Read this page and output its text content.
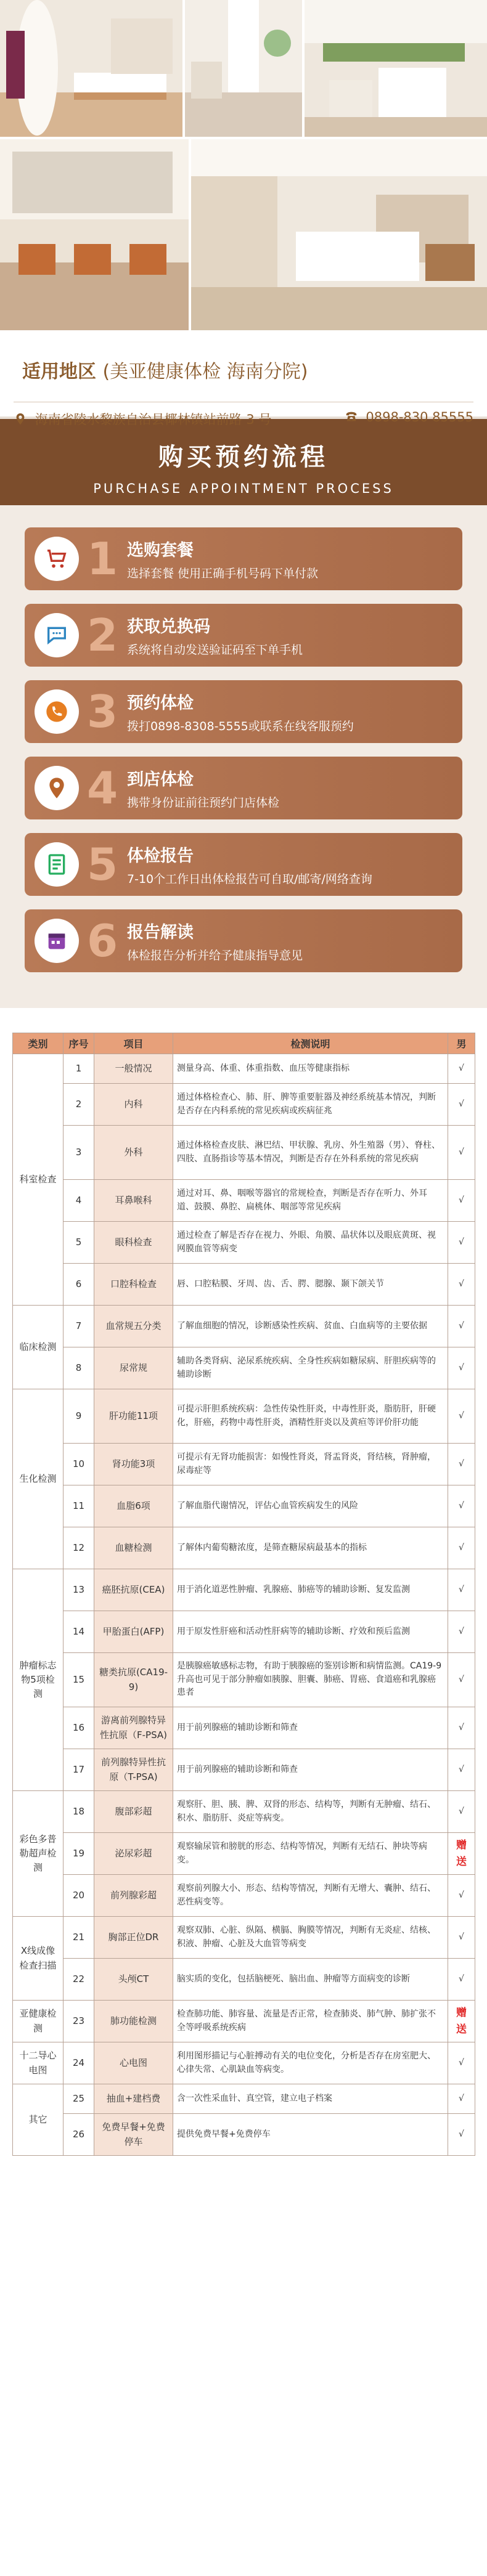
适用地区 (美亚健康体检 海南分院)
海南省陵水黎族自治县椰林镇站前路 3 号	0898-830 85555
购买预约流程
PURCHASE APPOINTMENT PROCESS
1 选购套餐
选择套餐 使用正确手机号码下单付款
2 获取兑换码
系统将自动发送验证码至下单手机
3 预约体检
拨打0898-8308-5555或联系在线客服预约
4 到店体检
携带身份证前往预约门店体检
5 体检报告
7-10个工作日出体检报告可自取/邮寄/网络查询
6 报告解读
体检报告分析并给予健康指导意见
类别	序号	项目	检测说明	男
科室检查	1	一般情况	测量身高、体重、体重指数、血压等健康指标	√
	2	内科	通过体格检查心、肺、肝、脾等重要脏器及神经系统基本情况，判断是否存在内科系统的常见疾病或疾病征兆	√
	3	外科	通过体格检查皮肤、淋巴结、甲状腺、乳房、外生殖器（男）、脊柱、四肢、直肠指诊等基本情况，判断是否存在外科系统的常见疾病	√
	4	耳鼻喉科	通过对耳、鼻、咽喉等器官的常规检查，判断是否存在听力、外耳道、鼓膜、鼻腔、扁桃体、咽部等常见疾病	√
	5	眼科检查	通过检查了解是否存在视力、外眼、角膜、晶状体以及眼底黄斑、视网膜血管等病变	√
	6	口腔科检查	唇、口腔粘膜、牙周、齿、舌、腭、腮腺、颞下颌关节	√
临床检测	7	血常规五分类	了解血细胞的情况，诊断感染性疾病、贫血、白血病等的主要依据	√
	8	尿常规	辅助各类肾病、泌尿系统疾病、全身性疾病如糖尿病、肝胆疾病等的辅助诊断	√
生化检测	9	肝功能11项	可提示肝胆系统疾病：急性传染性肝炎，中毒性肝炎，脂肪肝，肝硬化，肝癌，药物中毒性肝炎，酒精性肝炎以及黄疸等评价肝功能	√
	10	肾功能3项	可提示有无肾功能损害：如慢性肾炎，肾盂肾炎，肾结核，肾肿瘤，尿毒症等	√
	11	血脂6项	了解血脂代谢情况，评估心血管疾病发生的风险	√
	12	血糖检测	了解体内葡萄糖浓度，是筛查糖尿病最基本的指标	√
肿瘤标志物5项检测	13	癌胚抗原(CEA)	用于消化道恶性肿瘤、乳腺癌、肺癌等的辅助诊断、复发监测	√
	14	甲胎蛋白(AFP)	用于原发性肝癌和活动性肝病等的辅助诊断、疗效和预后监测	√
	15	糖类抗原(CA19-9)	是胰腺癌敏感标志物，有助于胰腺癌的鉴别诊断和病情监测。CA19-9升高也可见于部分肿瘤如胰腺、胆囊、肺癌、胃癌、食道癌和乳腺癌患者	√
	16	游离前列腺特异性抗原（F-PSA)	用于前列腺癌的辅助诊断和筛查	√
	17	前列腺特异性抗原（T-PSA)	用于前列腺癌的辅助诊断和筛查	√
彩色多普勒超声检测	18	腹部彩超	观察肝、胆、胰、脾、双肾的形态、结构等，判断有无肿瘤、结石、积水、脂肪肝、炎症等病变。	√
	19	泌尿彩超	观察输尿管和膀胱的形态、结构等情况，判断有无结石、肿块等病变。	赠送
	20	前列腺彩超	观察前列腺大小、形态、结构等情况，判断有无增大、囊肿、结石、恶性病变等。	√
X线成像检查扫描	21	胸部正位DR	观察双肺、心脏、纵隔、横膈、胸膜等情况，判断有无炎症、结核、积液、肿瘤、心脏及大血管等病变	√
	22	头颅CT	脑实质的变化，包括脑梗死、脑出血、肿瘤等方面病变的诊断	√
亚健康检测	23	肺功能检测	检查肺功能、肺容量、流量是否正常，检查肺炎、肺气肿、肺扩张不全等呼吸系统疾病	赠送
十二导心电图	24	心电图	利用图形描记与心脏搏动有关的电位变化，分析是否存在房室肥大、心律失常、心肌缺血等病变。	√
其它	25	抽血+建档费	含一次性采血针、真空管，建立电子档案	√
	26	免费早餐+免费停车	提供免费早餐+免费停车	√
